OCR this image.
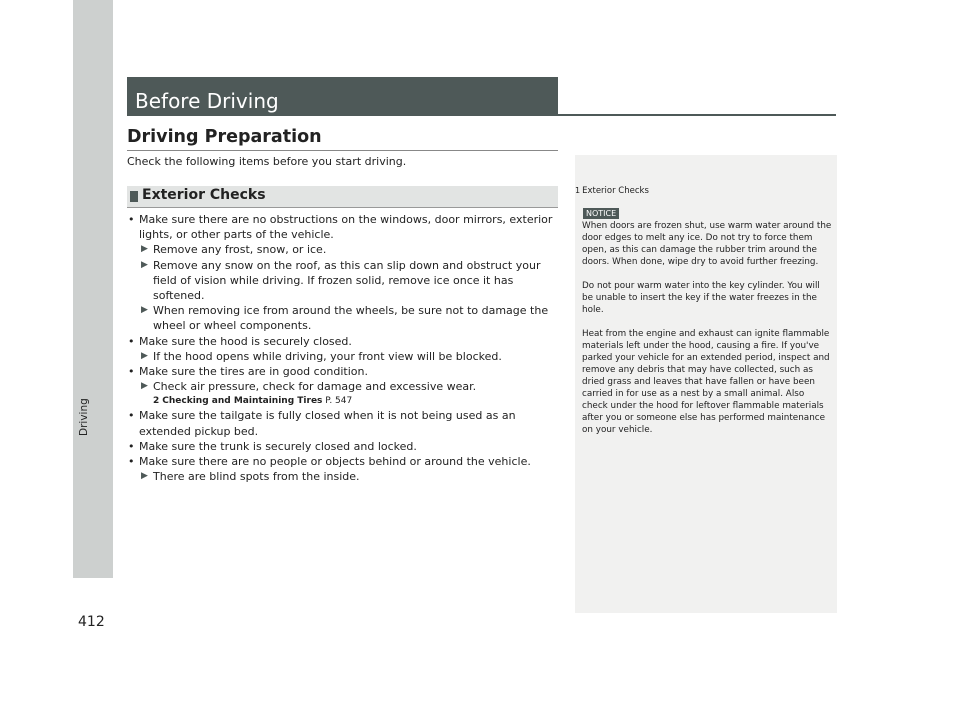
Driving
412
Before Driving
Driving Preparation
Check the following items before you start driving.
Exterior Checks
• Make sure there are no obstructions on the windows, door mirrors, exterior lights, or other parts of the vehicle.
▶ Remove any frost, snow, or ice.
▶ Remove any snow on the roof, as this can slip down and obstruct your field of vision while driving. If frozen solid, remove ice once it has softened.
▶ When removing ice from around the wheels, be sure not to damage the wheel or wheel components.
• Make sure the hood is securely closed.
▶ If the hood opens while driving, your front view will be blocked.
• Make sure the tires are in good condition.
▶ Check air pressure, check for damage and excessive wear.
2 Checking and Maintaining Tires P. 547
• Make sure the tailgate is fully closed when it is not being used as an extended pickup bed.
• Make sure the trunk is securely closed and locked.
• Make sure there are no people or objects behind or around the vehicle.
▶ There are blind spots from the inside.
1 Exterior Checks
NOTICE

When doors are frozen shut, use warm water around the door edges to melt any ice. Do not try to force them open, as this can damage the rubber trim around the doors. When done, wipe dry to avoid further freezing.

Do not pour warm water into the key cylinder. You will be unable to insert the key if the water freezes in the hole.

Heat from the engine and exhaust can ignite flammable materials left under the hood, causing a fire. If you've parked your vehicle for an extended period, inspect and remove any debris that may have collected, such as dried grass and leaves that have fallen or have been carried in for use as a nest by a small animal. Also check under the hood for leftover flammable materials after you or someone else has performed maintenance on your vehicle.
